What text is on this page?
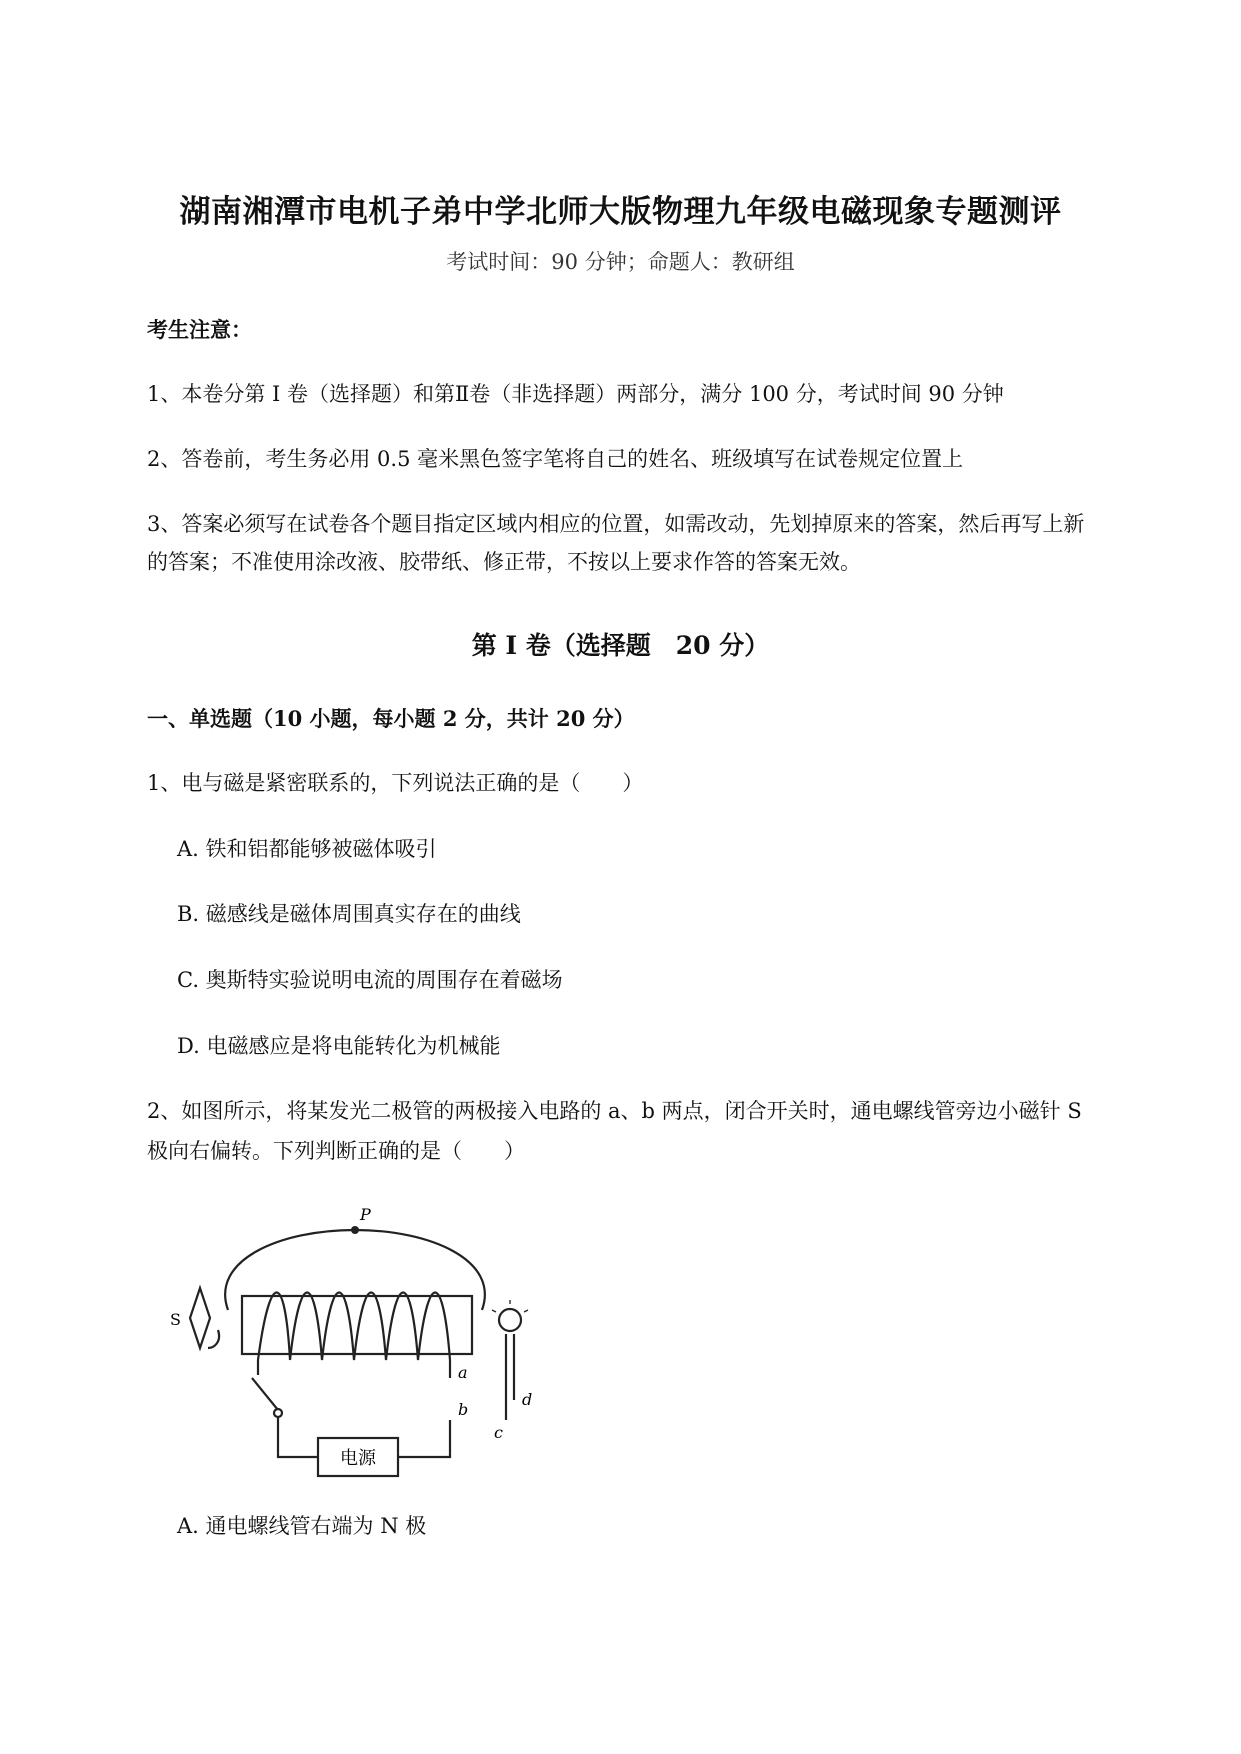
湖南湘潭市电机子弟中学北师大版物理九年级电磁现象专题测评
考试时间：90 分钟；命题人：教研组
考生注意：
1、本卷分第 I 卷（选择题）和第Ⅱ卷（非选择题）两部分，满分 100 分，考试时间 90 分钟
2、答卷前，考生务必用 0.5 毫米黑色签字笔将自己的姓名、班级填写在试卷规定位置上
3、答案必须写在试卷各个题目指定区域内相应的位置，如需改动，先划掉原来的答案，然后再写上新
的答案；不准使用涂改液、胶带纸、修正带，不按以上要求作答的答案无效。
第 I 卷（选择题　20 分）
一、单选题（10 小题，每小题 2 分，共计 20 分）
1、电与磁是紧密联系的，下列说法正确的是（　　）
A. 铁和铝都能够被磁体吸引
B. 磁感线是磁体周围真实存在的曲线
C. 奥斯特实验说明电流的周围存在着磁场
D. 电磁感应是将电能转化为机械能
2、如图所示，将某发光二极管的两极接入电路的 a、b 两点，闭合开关时，通电螺线管旁边小磁针 S
极向右偏转。下列判断正确的是（　　）
P
S
a
b
c
d
电源
A. 通电螺线管右端为 N 极
